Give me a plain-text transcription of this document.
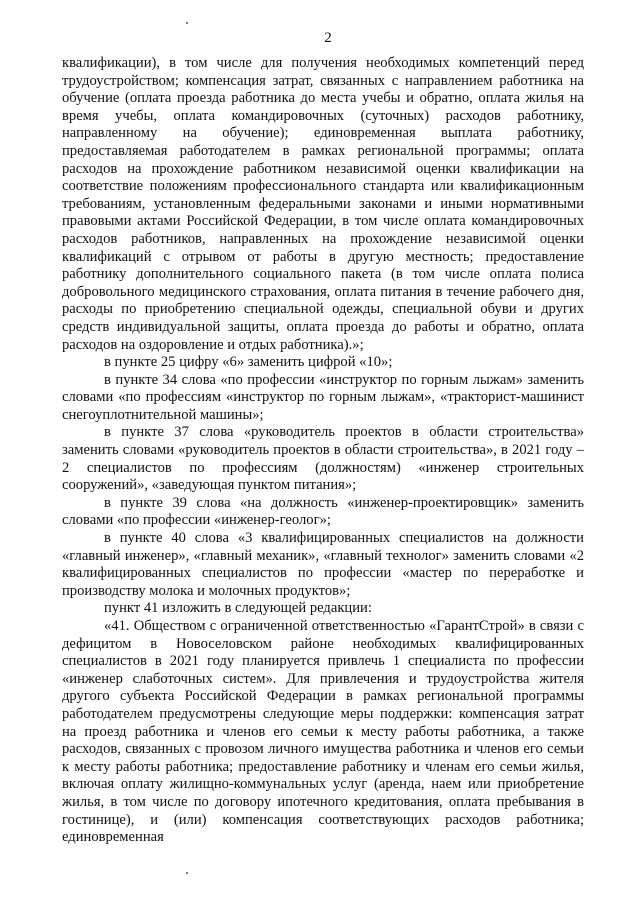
2

квалификации), в том числе для получения необходимых компетенций перед трудоустройством; компенсация затрат, связанных с направлением работника на обучение (оплата проезда работника до места учебы и обратно, оплата жилья на время учебы, оплата командировочных (суточных) расходов работнику, направленному на обучение); единовременная выплата работнику, предоставляемая работодателем в рамках региональной программы; оплата расходов на прохождение работником независимой оценки квалификации на соответствие положениям профессионального стандарта или квалификационным требованиям, установленным федеральными законами и иными нормативными правовыми актами Российской Федерации, в том числе оплата командировочных расходов работников, направленных на прохождение независимой оценки квалификаций с отрывом от работы в другую местность; предоставление работнику дополнительного социального пакета (в том числе оплата полиса добровольного медицинского страхования, оплата питания в течение рабочего дня, расходы по приобретению специальной одежды, специальной обуви и других средств индивидуальной защиты, оплата проезда до работы и обратно, оплата расходов на оздоровление и отдых работника).»;

в пункте 25 цифру «6» заменить цифрой «10»;

в пункте 34 слова «по профессии «инструктор по горным лыжам» заменить словами «по профессиям «инструктор по горным лыжам», «тракторист-машинист снегоуплотнительной машины»;

в пункте 37 слова «руководитель проектов в области строительства» заменить словами «руководитель проектов в области строительства», в 2021 году – 2 специалистов по профессиям (должностям) «инженер строительных сооружений», «заведующая пунктом питания»;

в пункте 39 слова «на должность «инженер-проектировщик» заменить словами «по профессии «инженер-геолог»;

в пункте 40 слова «3 квалифицированных специалистов на должности «главный инженер», «главный механик», «главный технолог» заменить словами «2 квалифицированных специалистов по профессии «мастер по переработке и производству молока и молочных продуктов»;

пункт 41 изложить в следующей редакции:

«41. Обществом с ограниченной ответственностью «ГарантСтрой» в связи с дефицитом в Новоселовском районе необходимых квалифицированных специалистов в 2021 году планируется привлечь 1 специалиста по профессии «инженер слаботочных систем». Для привлечения и трудоустройства жителя другого субъекта Российской Федерации в рамках региональной программы работодателем предусмотрены следующие меры поддержки: компенсация затрат на проезд работника и членов его семьи к месту работы работника, а также расходов, связанных с провозом личного имущества работника и членов его семьи к месту работы работника; предоставление работнику и членам его семьи жилья, включая оплату жилищно-коммунальных услуг (аренда, наем или приобретение жилья, в том числе по договору ипотечного кредитования, оплата пребывания в гостинице), и (или) компенсация соответствующих расходов работника; единовременная
